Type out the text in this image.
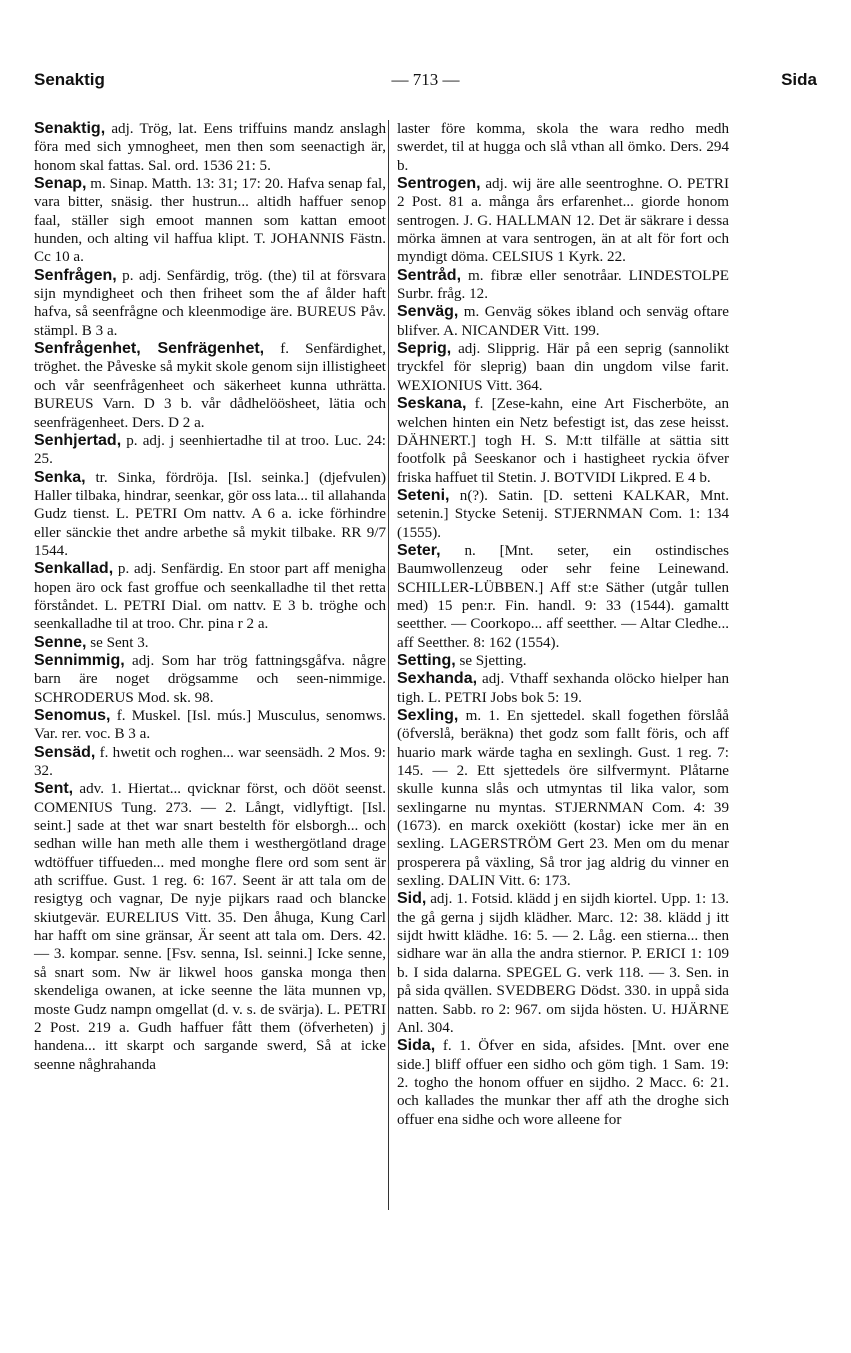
Senaktig	— 713 —	Sida
Senaktig, adj. Trög, lat. Eens triffuins mandz anslagh föra med sich ymnogheet, men then som seenactigh är, honom skal fattas. Sal. ord. 1536 21: 5.
Senap, m. Sinap. Matth. 13: 31; 17: 20. Hafva senap fal, vara bitter, snäsig. ther hustrun... altidh haffuer senop faal, ställer sigh emoot mannen som kattan emoot hunden, och alting vil haffua klipt. T. JOHANNIS Fästn. Cc 10 a.
Senfrågen, p. adj. Senfärdig, trög. (the) til at försvara sijn myndigheet och then friheet som the af ålder haft hafva, så seenfrågne och kleenmodige äre. BUREUS Påv. stämpl. B 3 a.
Senfrågenhet, Senfrägenhet, f. Senfärdighet, tröghet. the Påveske så mykit skole genom sijn illistigheet och vår seenfrågenheet och säkerheet kunna uthrätta. BUREUS Varn. D 3 b. vår dådhelöösheet, lätia och seenfrägenheet. Ders. D 2 a.
Senhjertad, p. adj. j seenhiertadhe til at troo. Luc. 24: 25.
Senka, tr. Sinka, fördröja. [Isl. seinka.] (djefvulen) Haller tilbaka, hindrar, seenkar, gör oss lata... til allahanda Gudz tienst. L. PETRI Om nattv. A 6 a. icke förhindre eller sänckie thet andre arbethe så mykit tilbake. RR 9/7 1544.
Senkallad, p. adj. Senfärdig. En stoor part aff menigha hopen äro ock fast groffue och seenkalladhe til thet retta förståndet. L. PETRI Dial. om nattv. E 3 b. tröghe och seenkalladhe til at troo. Chr. pina r 2 a.
Senne, se Sent 3.
Sennimmig, adj. Som har trög fattningsgåfva. någre barn äre noget drögsamme och seen-nimmige. SCHRODERUS Mod. sk. 98.
Senomus, f. Muskel. [Isl. mús.] Musculus, senomws. Var. rer. voc. B 3 a.
Sensäd, f. hwetit och roghen... war seensädh. 2 Mos. 9: 32.
Sent, adv. 1. Hiertat... qvicknar först, och dööt seenst. COMENIUS Tung. 273. — 2. Långt, vidlyftigt. [Isl. seint.] sade at thet war snart bestelth för elsborgh... och sedhan wille han meth alle them i westhergötland drage wdtöffuer tiffueden... med monghe flere ord som sent är ath scriffue. Gust. 1 reg. 6: 167. Seent är att tala om de resigtyg och vagnar, De nyje pijkars raad och blancke skiutgevär. EURELIUS Vitt. 35. Den åhuga, Kung Carl har hafft om sine gränsar, Är seent att tala om. Ders. 42. — 3. kompar. senne. [Fsv. senna, Isl. seinni.] Icke senne, så snart som. Nw är likwel hoos ganska monga then skendeliga owanen, at icke seenne the läta munnen vp, moste Gudz nampn omgellat (d. v. s. de svärja). L. PETRI 2 Post. 219 a. Gudh haffuer fått them (öfverheten) j handena... itt skarpt och sargande swerd, Så at icke seenne någhrahanda
laster före komma, skola the wara redho medh swerdet, til at hugga och slå vthan all ömko. Ders. 294 b.
Sentrogen, adj. wij äre alle seentroghne. O. PETRI 2 Post. 81 a. många års erfarenhet... giorde honom sentrogen. J. G. HALLMAN 12. Det är säkrare i dessa mörka ämnen at vara sentrogen, än at alt för fort och myndigt döma. CELSIUS 1 Kyrk. 22.
Sentråd, m. fibræ eller senotråar. LINDESTOLPE Surbr. fråg. 12.
Senväg, m. Genväg sökes ibland och senväg oftare blifver. A. NICANDER Vitt. 199.
Seprig, adj. Slipprig. Här på een seprig (sannolikt tryckfel för sleprig) baan din ungdom vilse farit. WEXIONIUS Vitt. 364.
Seskana, f. [Zese-kahn, eine Art Fischerböte, an welchen hinten ein Netz befestigt ist, das zese heisst. DÄHNERT.] togh H. S. M:tt tilfälle at sättia sitt footfolk på Seeskanor och i hastigheet ryckia öfver friska haffuet til Stetin. J. BOTVIDI Likpred. E 4 b.
Seteni, n(?). Satin. [D. setteni KALKAR, Mnt. setenin.] Stycke Setenij. STJERNMAN Com. 1: 134 (1555).
Seter, n. [Mnt. seter, ein ostindisches Baumwollenzeug oder sehr feine Leinewand. SCHILLER-LÜBBEN.] Aff st:e Säther (utgår tullen med) 15 pen:r. Fin. handl. 9: 33 (1544). gamaltt seetther. — Coorkopo... aff seetther. — Altar Cledhe... aff Seetther. 8: 162 (1554).
Setting, se Sjetting.
Sexhanda, adj. Vthaff sexhanda olöcko hielper han tigh. L. PETRI Jobs bok 5: 19.
Sexling, m. 1. En sjettedel. skall fogethen förslåå (öfverslå, beräkna) thet godz som fallt föris, och aff huario mark wärde tagha en sexlingh. Gust. 1 reg. 7: 145. — 2. Ett sjettedels öre silfvermynt. Plåtarne skulle kunna slås och utmyntas til lika valor, som sexlingarne nu myntas. STJERNMAN Com. 4: 39 (1673). en marck oxekiött (kostar) icke mer än en sexling. LAGERSTRÖM Gert 23. Men om du menar prosperera på växling, Så tror jag aldrig du vinner en sexling. DALIN Vitt. 6: 173.
Sid, adj. 1. Fotsid. klädd j en sijdh kiortel. Upp. 1: 13. the gå gerna j sijdh klädher. Marc. 12: 38. klädd j itt sijdt hwitt klädhe. 16: 5. — 2. Låg. een stierna... then sidhare war än alla the andra stiernor. P. ERICI 1: 109 b. I sida dalarna. SPEGEL G. verk 118. — 3. Sen. in på sida qvällen. SVEDBERG Dödst. 330. in uppå sida natten. Sabb. ro 2: 967. om sijda hösten. U. HJÄRNE Anl. 304.
Sida, f. 1. Öfver en sida, afsides. [Mnt. over ene side.] bliff offuer een sidho och göm tigh. 1 Sam. 19: 2. togho the honom offuer en sijdho. 2 Macc. 6: 21. och kallades the munkar ther aff ath the droghe sich offuer ena sidhe och wore alleene for
